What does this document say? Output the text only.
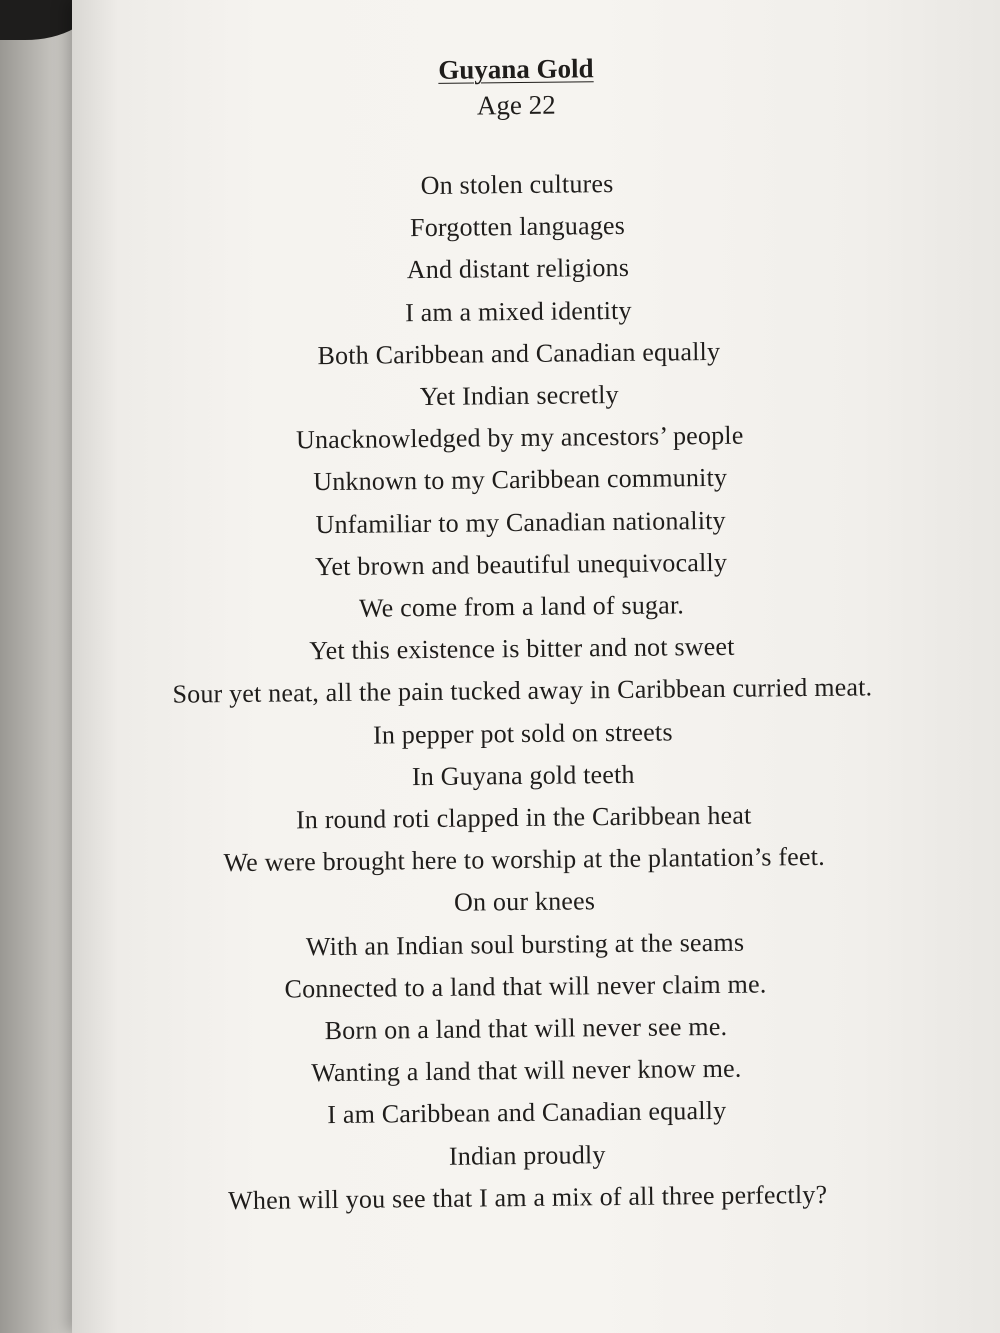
Guyana Gold
Age 22
On stolen cultures
Forgotten languages
And distant religions
I am a mixed identity
Both Caribbean and Canadian equally
Yet Indian secretly
Unacknowledged by my ancestors’ people
Unknown to my Caribbean community
Unfamiliar to my Canadian nationality
Yet brown and beautiful unequivocally
We come from a land of sugar.
Yet this existence is bitter and not sweet
Sour yet neat, all the pain tucked away in Caribbean curried meat.
In pepper pot sold on streets
In Guyana gold teeth
In round roti clapped in the Caribbean heat
We were brought here to worship at the plantation’s feet.
On our knees
With an Indian soul bursting at the seams
Connected to a land that will never claim me.
Born on a land that will never see me.
Wanting a land that will never know me.
I am Caribbean and Canadian equally
Indian proudly
When will you see that I am a mix of all three perfectly?
